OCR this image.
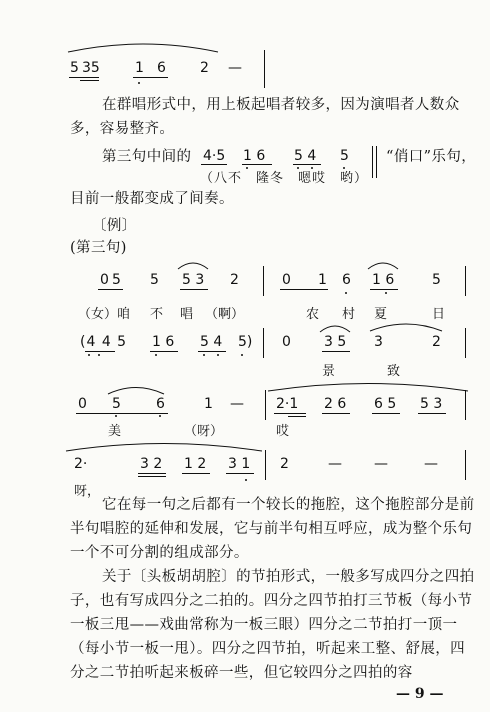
5 35	1 6 2 —
在群唱形式中，用上板起唱者较多，因为演唱者人数众多，容易整齐。
第三句中间的 4·5 1 6 5 4 5	“俏口”乐句，
（八不　隆冬　嗯哎　哟）
目前一般都变成了间奏。
〔例〕
(第三句)
0 5 5 5 3 2	0 1 6 1 6	5
（女）咱 不 唱 （啊）	农 村 夏	日
(4 4 5 1 6 5 4 5) 0 3 5 3	2
景	致
0 5	6	1 — 2·1 2 6 6 5 5 3
美	（呀）	哎
2·	3 2 1 2 3 1 2	— —	—
呀，
它在每一句之后都有一个较长的拖腔，这个拖腔部分是前半句唱腔的延伸和发展，它与前半句相互呼应，成为整个乐句一个不可分割的组成部分。
关于〔头板胡胡腔〕的节拍形式，一般多写成四分之四拍子，也有写成四分之二拍的。四分之四节拍打三节板（每小节一板三甩——戏曲常称为一板三眼）四分之二节拍打一顶一（每小节一板一甩）。四分之四节拍，听起来工整、舒展，四分之二节拍听起来板碎一些，但它较四分之四拍的容
— 9 —
